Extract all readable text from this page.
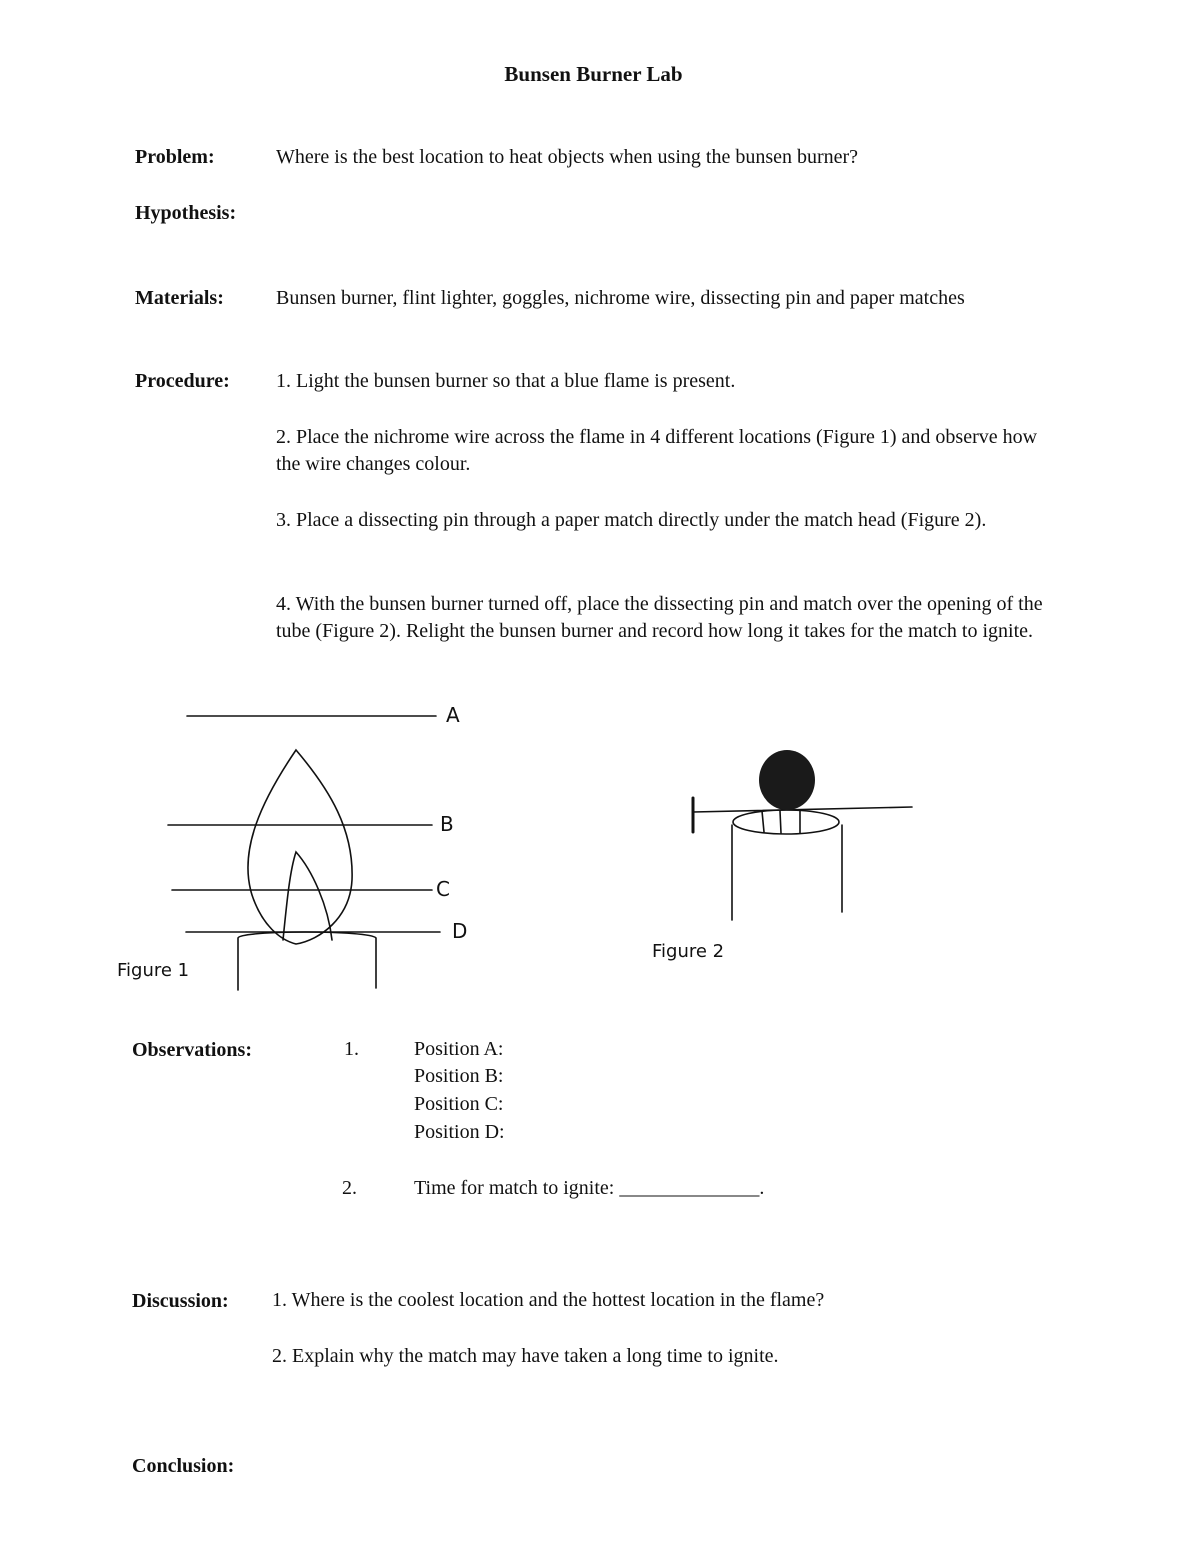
Bunsen Burner Lab
Problem:	Where is the best location to heat objects when using the bunsen burner?
Hypothesis:
Materials:	Bunsen burner, flint lighter, goggles, nichrome wire, dissecting pin and paper matches
Procedure: 1. Light the bunsen burner so that a blue flame is present.
2. Place the nichrome wire across the flame in 4 different locations (Figure 1) and observe how the wire changes colour.
3. Place a dissecting pin through a paper match directly under the match head (Figure 2).
4. With the bunsen burner turned off, place the dissecting pin and match over the opening of the tube (Figure 2). Relight the bunsen burner and record how long it takes for the match to ignite.
A
B
C
D
Figure 1
Figure 2
Observations:	1.	Position A:
Position B:
Position C:
Position D:
2.	Time for match to ignite: ______________.
Discussion: 1. Where is the coolest location and the hottest location in the flame?
2. Explain why the match may have taken a long time to ignite.
Conclusion:
